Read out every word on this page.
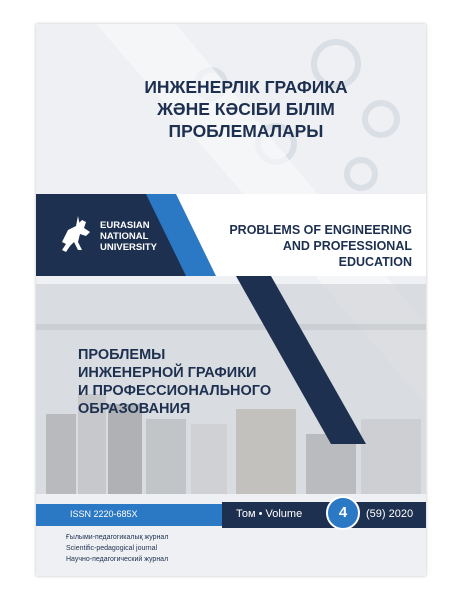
ИНЖЕНЕРЛІК ГРАФИКА
ЖӘНЕ КӘСІБИ БІЛІМ
ПРОБЛЕМАЛАРЫ
EURASIAN
NATIONAL
UNIVERSITY
PROBLEMS OF ENGINEERING
AND PROFESSIONAL
EDUCATION
ПРОБЛЕМЫ
ИНЖЕНЕРНОЙ ГРАФИКИ
И ПРОФЕССИОНАЛЬНОГО
ОБРАЗОВАНИЯ
ISSN 2220-685X	Том • Volume	4	(59) 2020
Ғылыми-педагогикалық журнал
Scientific-pedagogical journal
Научно-педагогический журнал
